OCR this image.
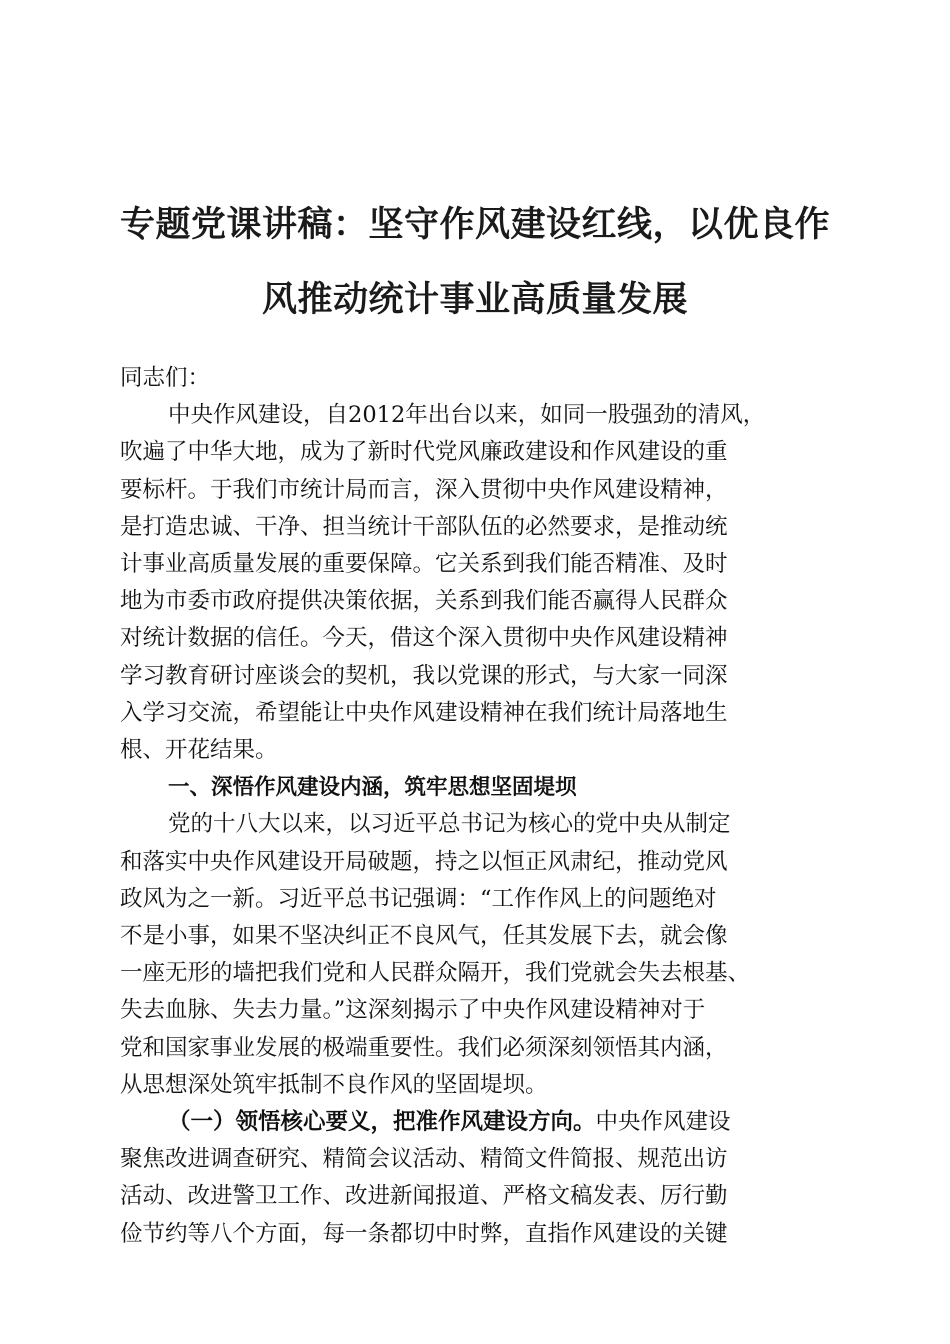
专题党课讲稿：坚守作风建设红线，以优良作
风推动统计事业高质量发展
同志们：

中央作风建设，自2012年出台以来，如同一股强劲的清风，
吹遍了中华大地，成为了新时代党风廉政建设和作风建设的重
要标杆。于我们市统计局而言，深入贯彻中央作风建设精神，
是打造忠诚、干净、担当统计干部队伍的必然要求，是推动统
计事业高质量发展的重要保障。它关系到我们能否精准、及时
地为市委市政府提供决策依据，关系到我们能否赢得人民群众
对统计数据的信任。今天，借这个深入贯彻中央作风建设精神
学习教育研讨座谈会的契机，我以党课的形式，与大家一同深
入学习交流，希望能让中央作风建设精神在我们统计局落地生
根、开花结果。

一、深悟作风建设内涵，筑牢思想坚固堤坝

党的十八大以来，以习近平总书记为核心的党中央从制定
和落实中央作风建设开局破题，持之以恒正风肃纪，推动党风
政风为之一新。习近平总书记强调：“工作作风上的问题绝对
不是小事，如果不坚决纠正不良风气，任其发展下去，就会像
一座无形的墙把我们党和人民群众隔开，我们党就会失去根基、
失去血脉、失去力量。”这深刻揭示了中央作风建设精神对于
党和国家事业发展的极端重要性。我们必须深刻领悟其内涵，
从思想深处筑牢抵制不良作风的坚固堤坝。

（一）领悟核心要义，把准作风建设方向。中央作风建设
聚焦改进调查研究、精简会议活动、精简文件简报、规范出访
活动、改进警卫工作、改进新闻报道、严格文稿发表、厉行勤
俭节约等八个方面，每一条都切中时弊，直指作风建设的关键
